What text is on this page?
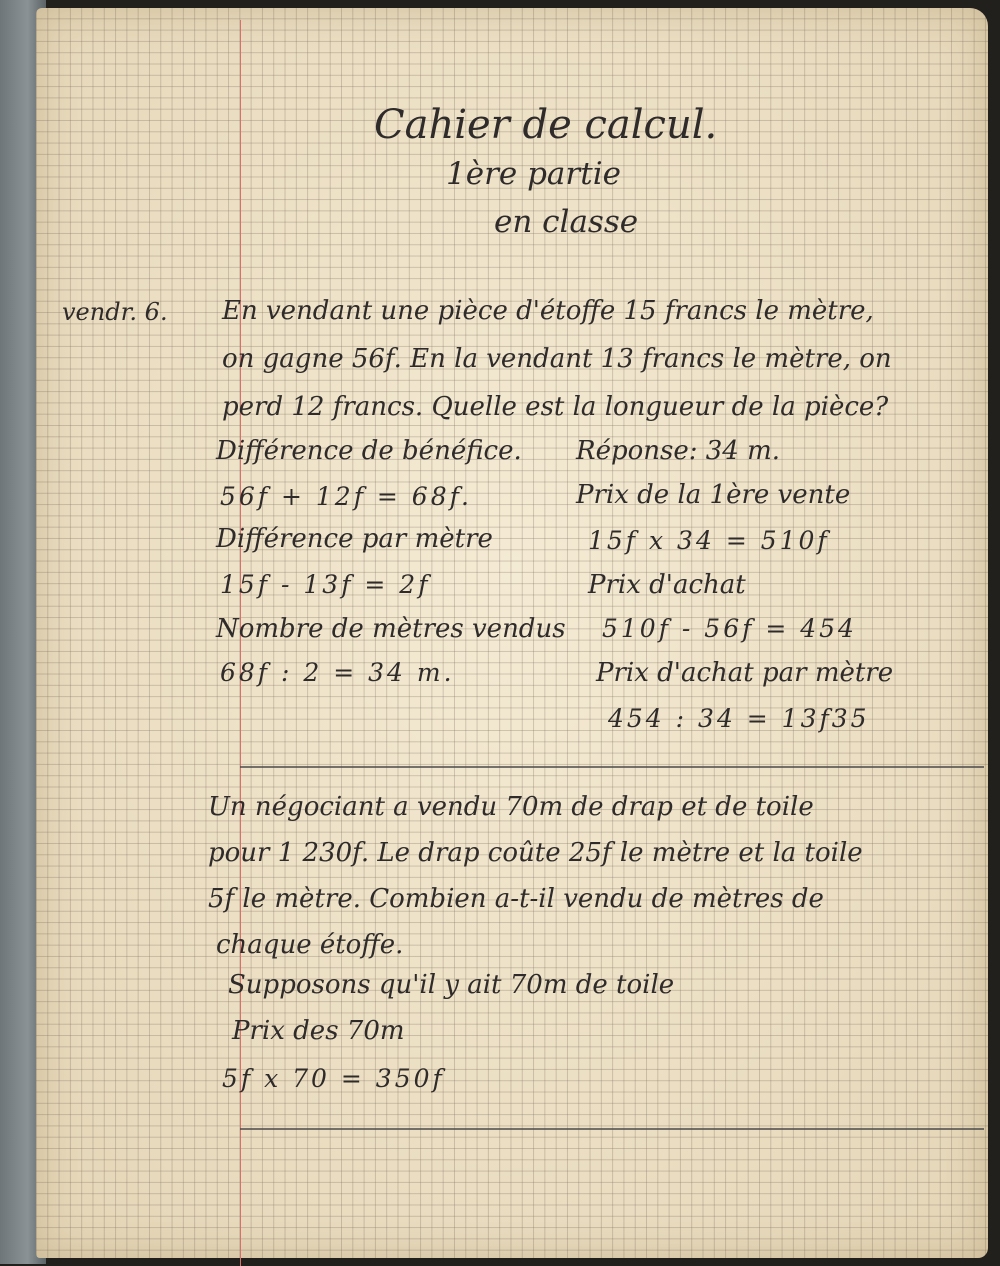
Cahier de calcul.

1ère partie

en classe

vendr. 6. En vendant une pièce d'étoffe 15 francs le mètre,

on gagne 56f. En la vendant 13 francs le mètre, on

perd 12 francs. Quelle est la longueur de la pièce?

Différence de bénéfice.

56f + 12f = 68f.

Différence par mètre

15f - 13f = 2f

Nombre de mètres vendus

68f : 2 = 34 m.

Réponse: 34 m.

Prix de la 1ère vente

15f x 34 = 510f

Prix d'achat

510f - 56f = 454

Prix d'achat par mètre

454 : 34 = 13f35

Un négociant a vendu 70m de drap et de toile

pour 1 230f. Le drap coûte 25f le mètre et la toile

5f le mètre. Combien a-t-il vendu de mètres de

chaque étoffe.

Supposons qu'il y ait 70m de toile

Prix des 70m

5f x 70 = 350f
